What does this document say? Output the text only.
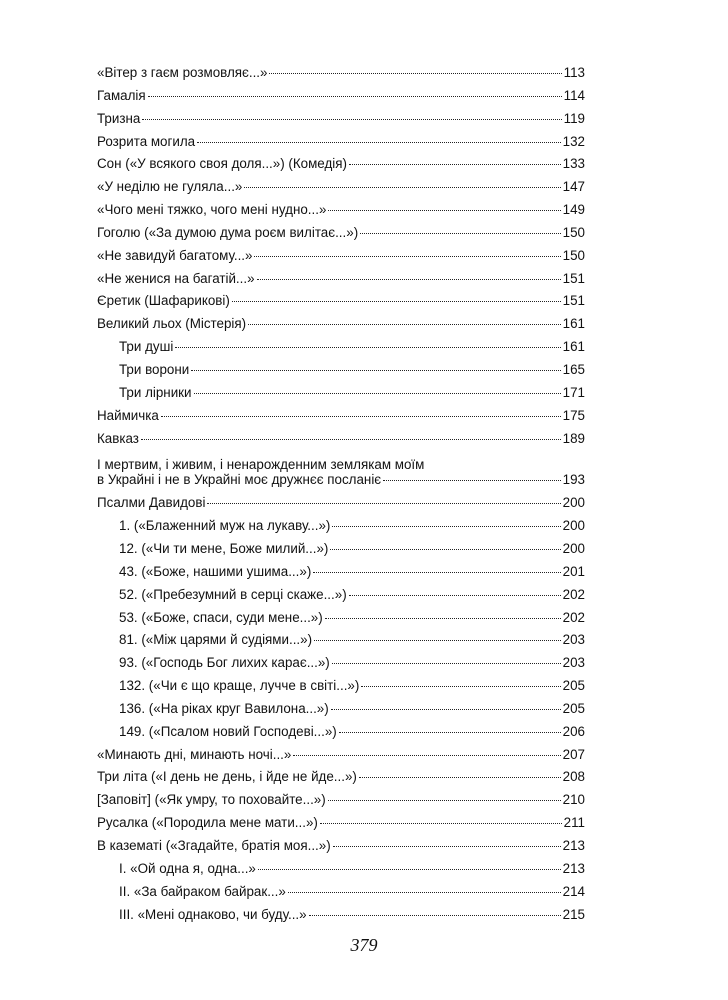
«Вітер з гаєм розмовляє...»	113
Гамалія	114
Тризна	119
Розрита могила	132
Сон («У всякого своя доля...») (Комедія)	133
«У неділю не гуляла...»	147
«Чого мені тяжко, чого мені нудно...»	149
Гоголю («За думою дума роєм вилітає...»)	150
«Не завидуй багатому...»	150
«Не женися на багатій...»	151
Єретик (Шафарикові)	151
Великий льох (Містерія)	161
Три душі	161
Три ворони	165
Три лірники	171
Наймичка	175
Кавказ	189
І мертвим, і живим, і ненарожденним землякам моїм
в Украйні і не в Украйні моє дружнєє посланіє	193
Псалми Давидові	200
1. («Блаженний муж на лукаву...»)	200
12. («Чи ти мене, Боже милий...»)	200
43. («Боже, нашими ушима...»)	201
52. («Пребезумний в серці скаже...»)	202
53. («Боже, спаси, суди мене...»)	202
81. («Між царями й судіями...»)	203
93. («Господь Бог лихих карає...»)	203
132. («Чи є що краще, лучче в світі...»)	205
136. («На ріках круг Вавилона...»)	205
149. («Псалом новий Господеві...»)	206
«Минають дні, минають ночі...»	207
Три літа («І день не день, і йде не йде...»)	208
[Заповіт] («Як умру, то поховайте...»)	210
Русалка («Породила мене мати...»)	211
В казематі («Згадайте, братія моя...»)	213
I. «Ой одна я, одна...»	213
II. «За байраком байрак...»	214
III. «Мені однаково, чи буду...»	215
379
